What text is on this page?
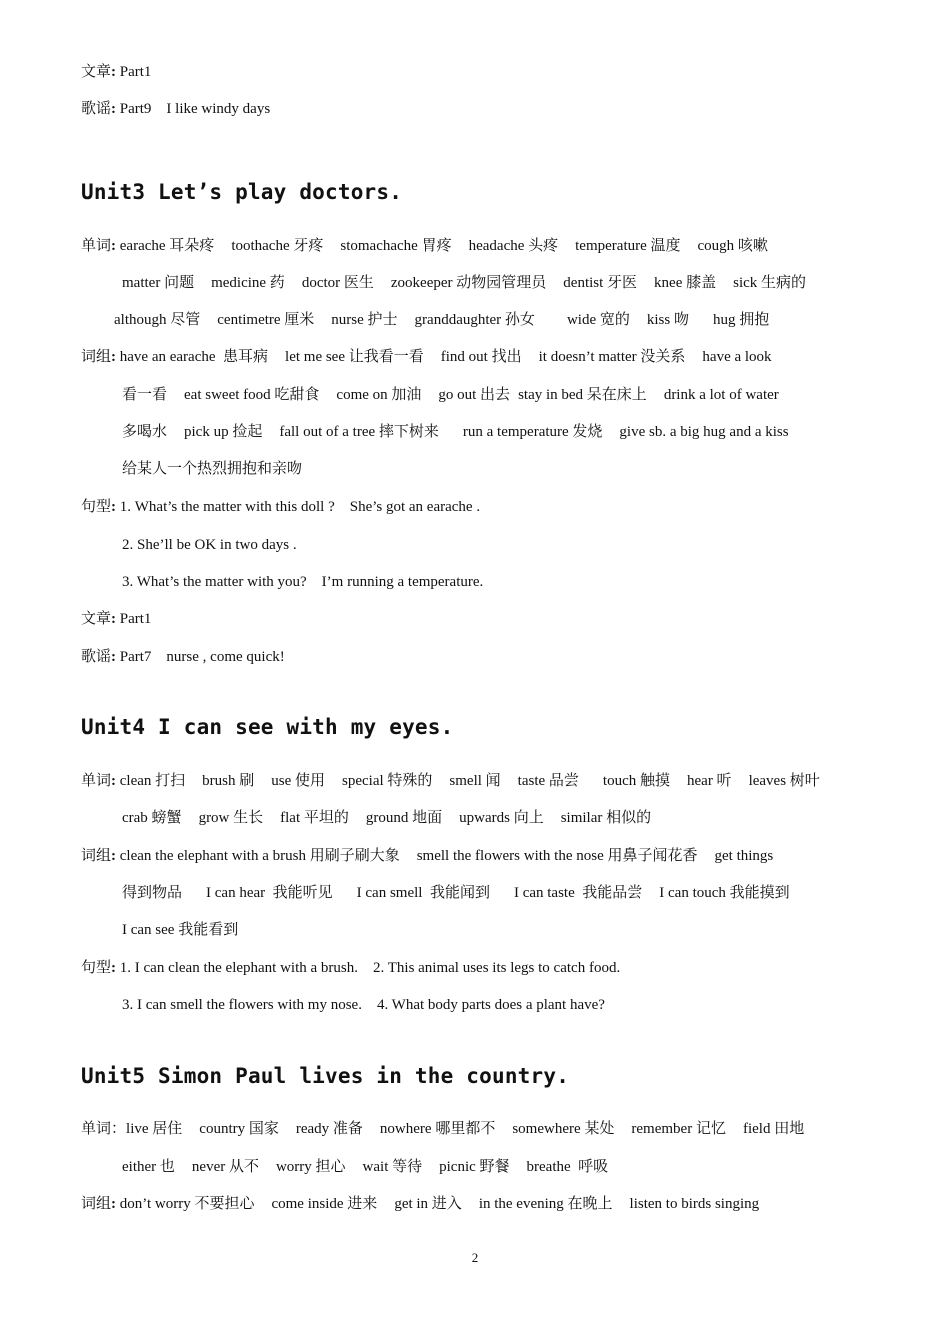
文章: Part1
歌谣: Part9    I like windy days
Unit3 Let’s play doctors.
单词: earache 耳朵疼 toothache 牙疼 stomachache 胃疼 headache 头疼 temperature 温度 cough 咳嗽
matter 问题 medicine 药 doctor 医生 zookeeper 动物园管理员 dentist 牙医 knee 膝盖 sick 生病的
although 尽管 centimetre 厘米 nurse 护士 granddaughter 孙女 wide 宽的 kiss 吻 hug 拥抱
词组: have an earache  患耳病 let me see 让我看一看 find out 找出 it doesn’t matter 没关系 have a look
看一看 eat sweet food 吃甜食 come on 加油 go out 出去 stay in bed 呆在床上 drink a lot of water
多喝水 pick up 捡起 fall out of a tree 摔下树来 run a temperature 发烧 give sb. a big hug and a kiss
给某人一个热烈拥抱和亲吻
句型: 1. What’s the matter with this doll ?    She’s got an earache .
2. She’ll be OK in two days .
3. What’s the matter with you?    I’m running a temperature.
文章: Part1
歌谣: Part7    nurse , come quick!
Unit4 I can see with my eyes.
单词: clean 打扫 brush 刷 use 使用 special 特殊的 smell 闻 taste 品尝 touch 触摸 hear 听 leaves 树叶
crab 螃蟹 grow 生长 flat 平坦的 ground 地面 upwards 向上 similar 相似的
词组: clean the elephant with a brush 用刷子刷大象 smell the flowers with the nose 用鼻子闻花香 get things
得到物品 I can hear  我能听见 I can smell  我能闻到 I can taste  我能品尝 I can touch 我能摸到
I can see 我能看到
句型: 1. I can clean the elephant with a brush.    2. This animal uses its legs to catch food.
3. I can smell the flowers with my nose.    4. What body parts does a plant have?
Unit5 Simon Paul lives in the country.
单词：live 居住 country 国家 ready 准备 nowhere 哪里都不 somewhere 某处 remember 记忆 field 田地
either 也 never 从不 worry 担心 wait 等待 picnic 野餐 breathe  呼吸
词组: don’t worry 不要担心 come inside 进来 get in 进入 in the evening 在晚上 listen to birds singing
2
